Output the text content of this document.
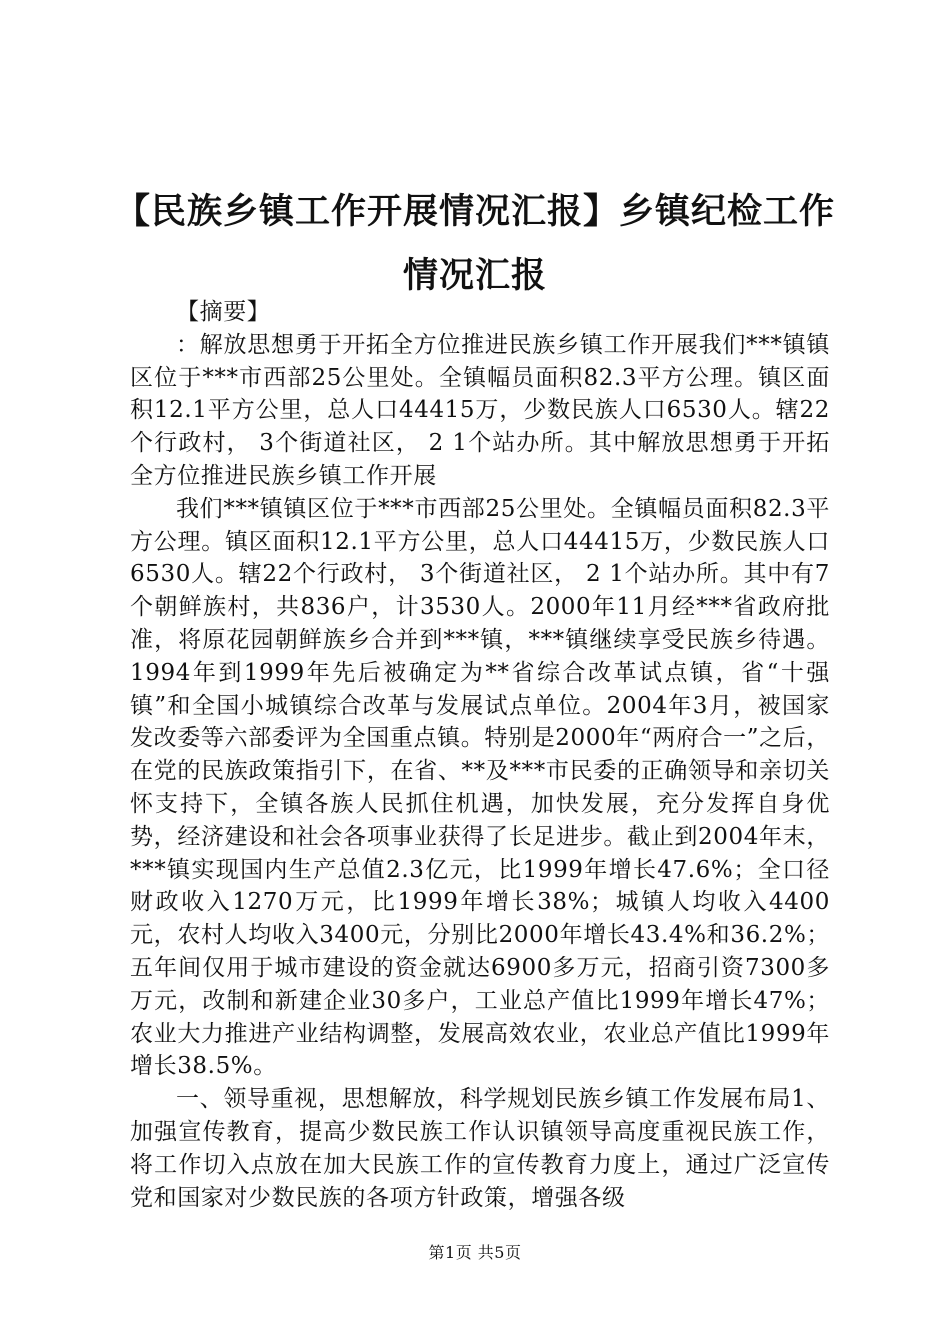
【民族乡镇工作开展情况汇报】乡镇纪检工作
情况汇报

【摘要】

：解放思想勇于开拓全方位推进民族乡镇工作开展我们***镇镇区位于***市西部25公里处。全镇幅员面积82.3平方公理。镇区面积12.1平方公里，总人口44415万，少数民族人口6530人。辖22个行政村， 3个街道社区， 2 1个站办所。其中解放思想勇于开拓全方位推进民族乡镇工作开展

我们***镇镇区位于***市西部25公里处。全镇幅员面积82.3平方公理。镇区面积12.1平方公里，总人口44415万，少数民族人口6530人。辖22个行政村， 3个街道社区， 2 1个站办所。其中有7个朝鲜族村，共836户，计3530人。2000年11月经***省政府批准，将原花园朝鲜族乡合并到***镇，***镇继续享受民族乡待遇。1994年到1999年先后被确定为**省综合改革试点镇，省“十强镇”和全国小城镇综合改革与发展试点单位。2004年3月，被国家发改委等六部委评为全国重点镇。特别是2000年“两府合一”之后，在党的民族政策指引下，在省、**及***市民委的正确领导和亲切关怀支持下，全镇各族人民抓住机遇，加快发展，充分发挥自身优势，经济建设和社会各项事业获得了长足进步。截止到2004年末，***镇实现国内生产总值2.3亿元，比1999年增长47.6%；全口径财政收入1270万元，比1999年增长38%；城镇人均收入4400元，农村人均收入3400元，分别比2000年增长43.4%和36.2%；五年间仅用于城市建设的资金就达6900多万元，招商引资7300多万元，改制和新建企业30多户，工业总产值比1999年增长47%；农业大力推进产业结构调整，发展高效农业，农业总产值比1999年增长38.5%。

一、领导重视，思想解放，科学规划民族乡镇工作发展布局1、加强宣传教育，提高少数民族工作认识镇领导高度重视民族工作，将工作切入点放在加大民族工作的宣传教育力度上，通过广泛宣传党和国家对少数民族的各项方针政策，增强各级

第1页 共5页
